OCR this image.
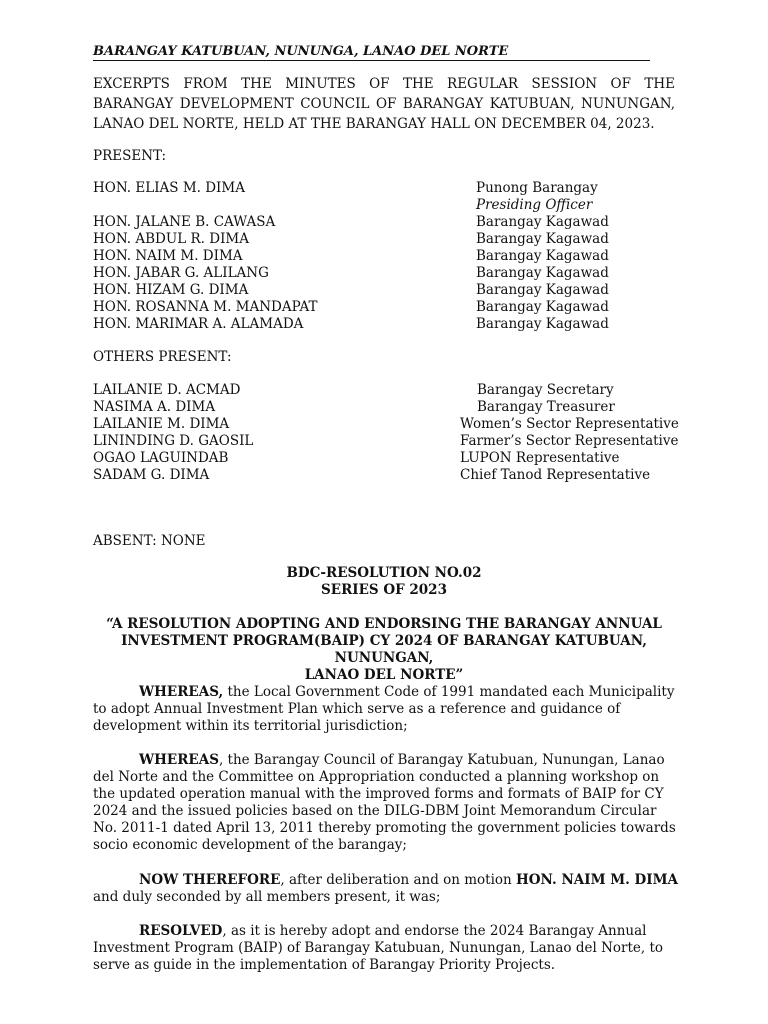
BARANGAY KATUBUAN, NUNUNGA, LANAO DEL NORTE
EXCERPTS FROM THE MINUTES OF THE REGULAR SESSION OF THE BARANGAY DEVELOPMENT COUNCIL OF BARANGAY KATUBUAN, NUNUNGAN, LANAO DEL NORTE, HELD AT THE BARANGAY HALL ON DECEMBER 04, 2023.
PRESENT:
HON. ELIAS M. DIMA	Punong Barangay
Presiding Officer
HON. JALANE B. CAWASA	Barangay Kagawad
HON. ABDUL R. DIMA	Barangay Kagawad
HON. NAIM M. DIMA	Barangay Kagawad
HON. JABAR G. ALILANG	Barangay Kagawad
HON. HIZAM G. DIMA	Barangay Kagawad
HON. ROSANNA M. MANDAPAT	Barangay Kagawad
HON. MARIMAR A. ALAMADA	Barangay Kagawad
OTHERS PRESENT:
LAILANIE D. ACMAD	Barangay Secretary
NASIMA A. DIMA	Barangay Treasurer
LAILANIE M. DIMA	Women’s Sector Representative
LININDING D. GAOSIL	Farmer’s Sector Representative
OGAO LAGUINDAB	LUPON Representative
SADAM G. DIMA	Chief Tanod Representative
ABSENT: NONE
BDC-RESOLUTION NO.02
SERIES OF 2023
“A RESOLUTION ADOPTING AND ENDORSING THE BARANGAY ANNUAL
INVESTMENT PROGRAM(BAIP) CY 2024 OF BARANGAY KATUBUAN, NUNUNGAN,
LANAO DEL NORTE”
WHEREAS, the Local Government Code of 1991 mandated each Municipality to adopt Annual Investment Plan which serve as a reference and guidance of development within its territorial jurisdiction;
WHEREAS, the Barangay Council of Barangay Katubuan, Nunungan, Lanao del Norte and the Committee on Appropriation conducted a planning workshop on the updated operation manual with the improved forms and formats of BAIP for CY 2024 and the issued policies based on the DILG-DBM Joint Memorandum Circular No. 2011-1 dated April 13, 2011 thereby promoting the government policies towards socio economic development of the barangay;
NOW THEREFORE, after deliberation and on motion HON. NAIM M. DIMA and duly seconded by all members present, it was;
RESOLVED, as it is hereby adopt and endorse the 2024 Barangay Annual Investment Program (BAIP) of Barangay Katubuan, Nunungan, Lanao del Norte, to serve as guide in the implementation of Barangay Priority Projects.
